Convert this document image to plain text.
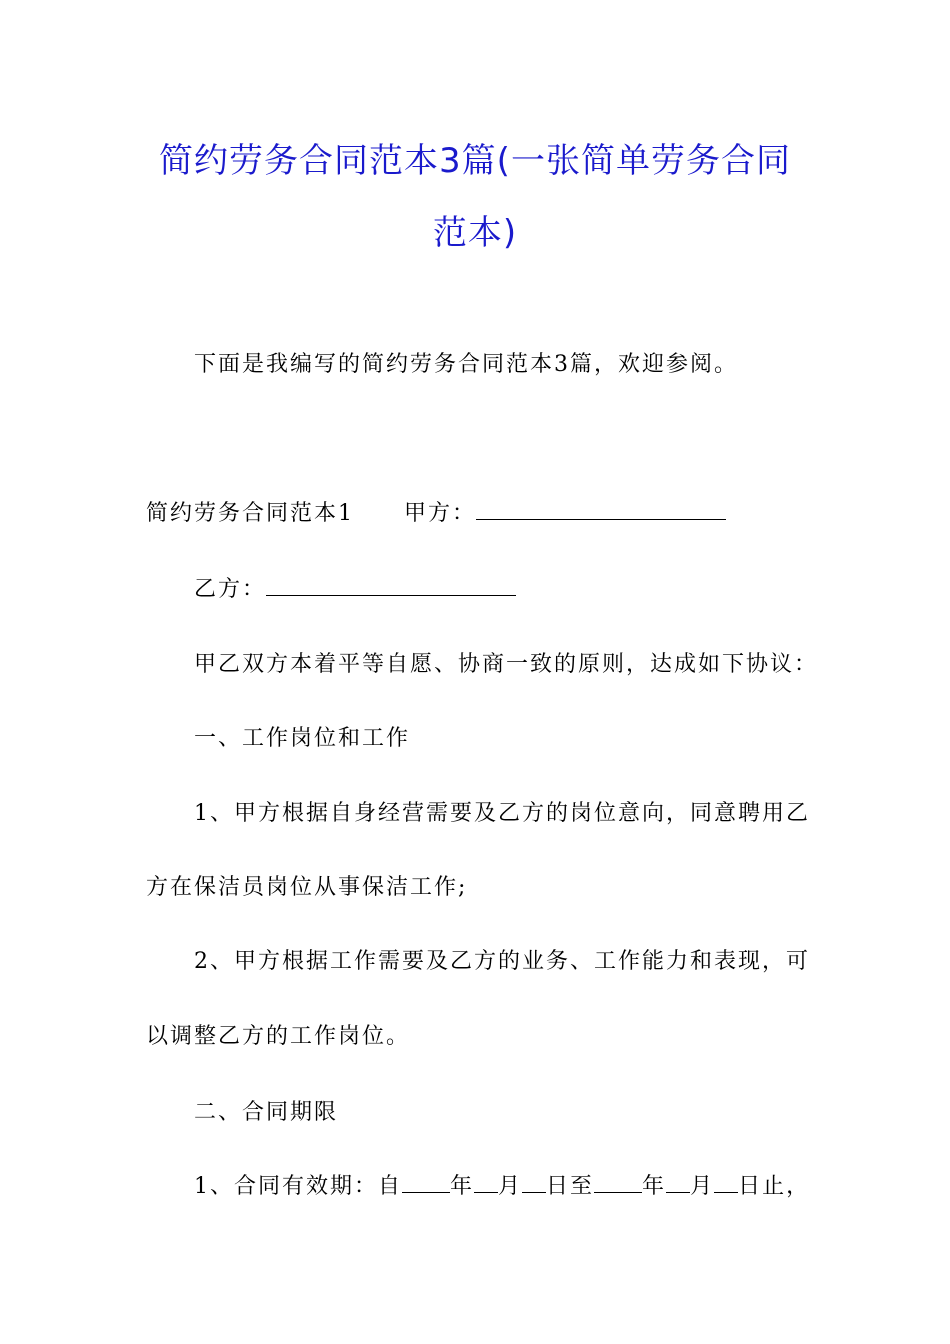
简约劳务合同范本3篇(一张简单劳务合同
范本)
下面是我编写的简约劳务合同范本3篇，欢迎参阅。
简约劳务合同范本1 甲方：
乙方：
甲乙双方本着平等自愿、协商一致的原则，达成如下协议：
一、工作岗位和工作
1、甲方根据自身经营需要及乙方的岗位意向，同意聘用乙
方在保洁员岗位从事保洁工作;
2、甲方根据工作需要及乙方的业务、工作能力和表现，可
以调整乙方的工作岗位。
二、合同期限
1、合同有效期：自 年 月 日至 年 月 日止，
